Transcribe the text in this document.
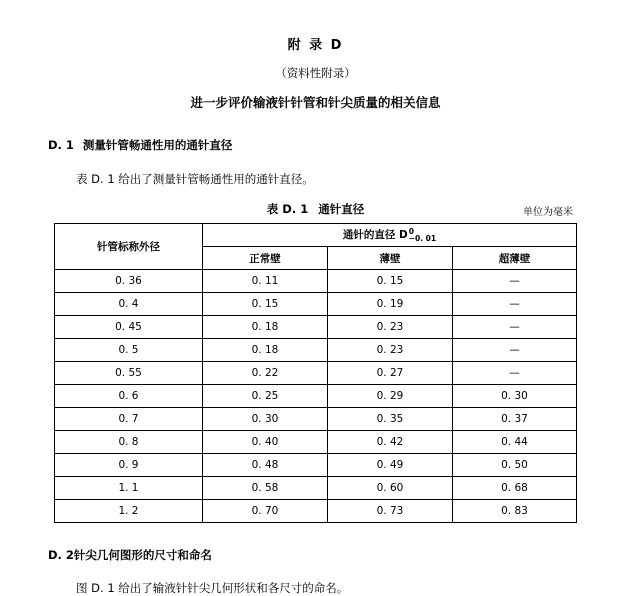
附 录 D
（资料性附录）
进一步评价输液针针管和针尖质量的相关信息
D. 1 测量针管畅通性用的通针直径
表 D. 1 给出了测量针管畅通性用的通针直径。
表 D. 1 通针直径	单位为毫米
针管标称外径	通针的直径 D 0
−0. 01		

	正常壁	薄壁	超薄壁
0. 36	0. 11	0. 15	—
0. 4	0. 15	0. 19	—
0. 45	0. 18	0. 23	—
0. 5	0. 18	0. 23	—
0. 55	0. 22	0. 27	—
0. 6	0. 25	0. 29	0. 30
0. 7	0. 30	0. 35	0. 37
0. 8	0. 40	0. 42	0. 44
0. 9	0. 48	0. 49	0. 50
1. 1	0. 58	0. 60	0. 68
1. 2	0. 70	0. 73	0. 83
D. 2针尖几何图形的尺寸和命名
图 D. 1 给出了输液针针尖几何形状和各尺寸的命名。
